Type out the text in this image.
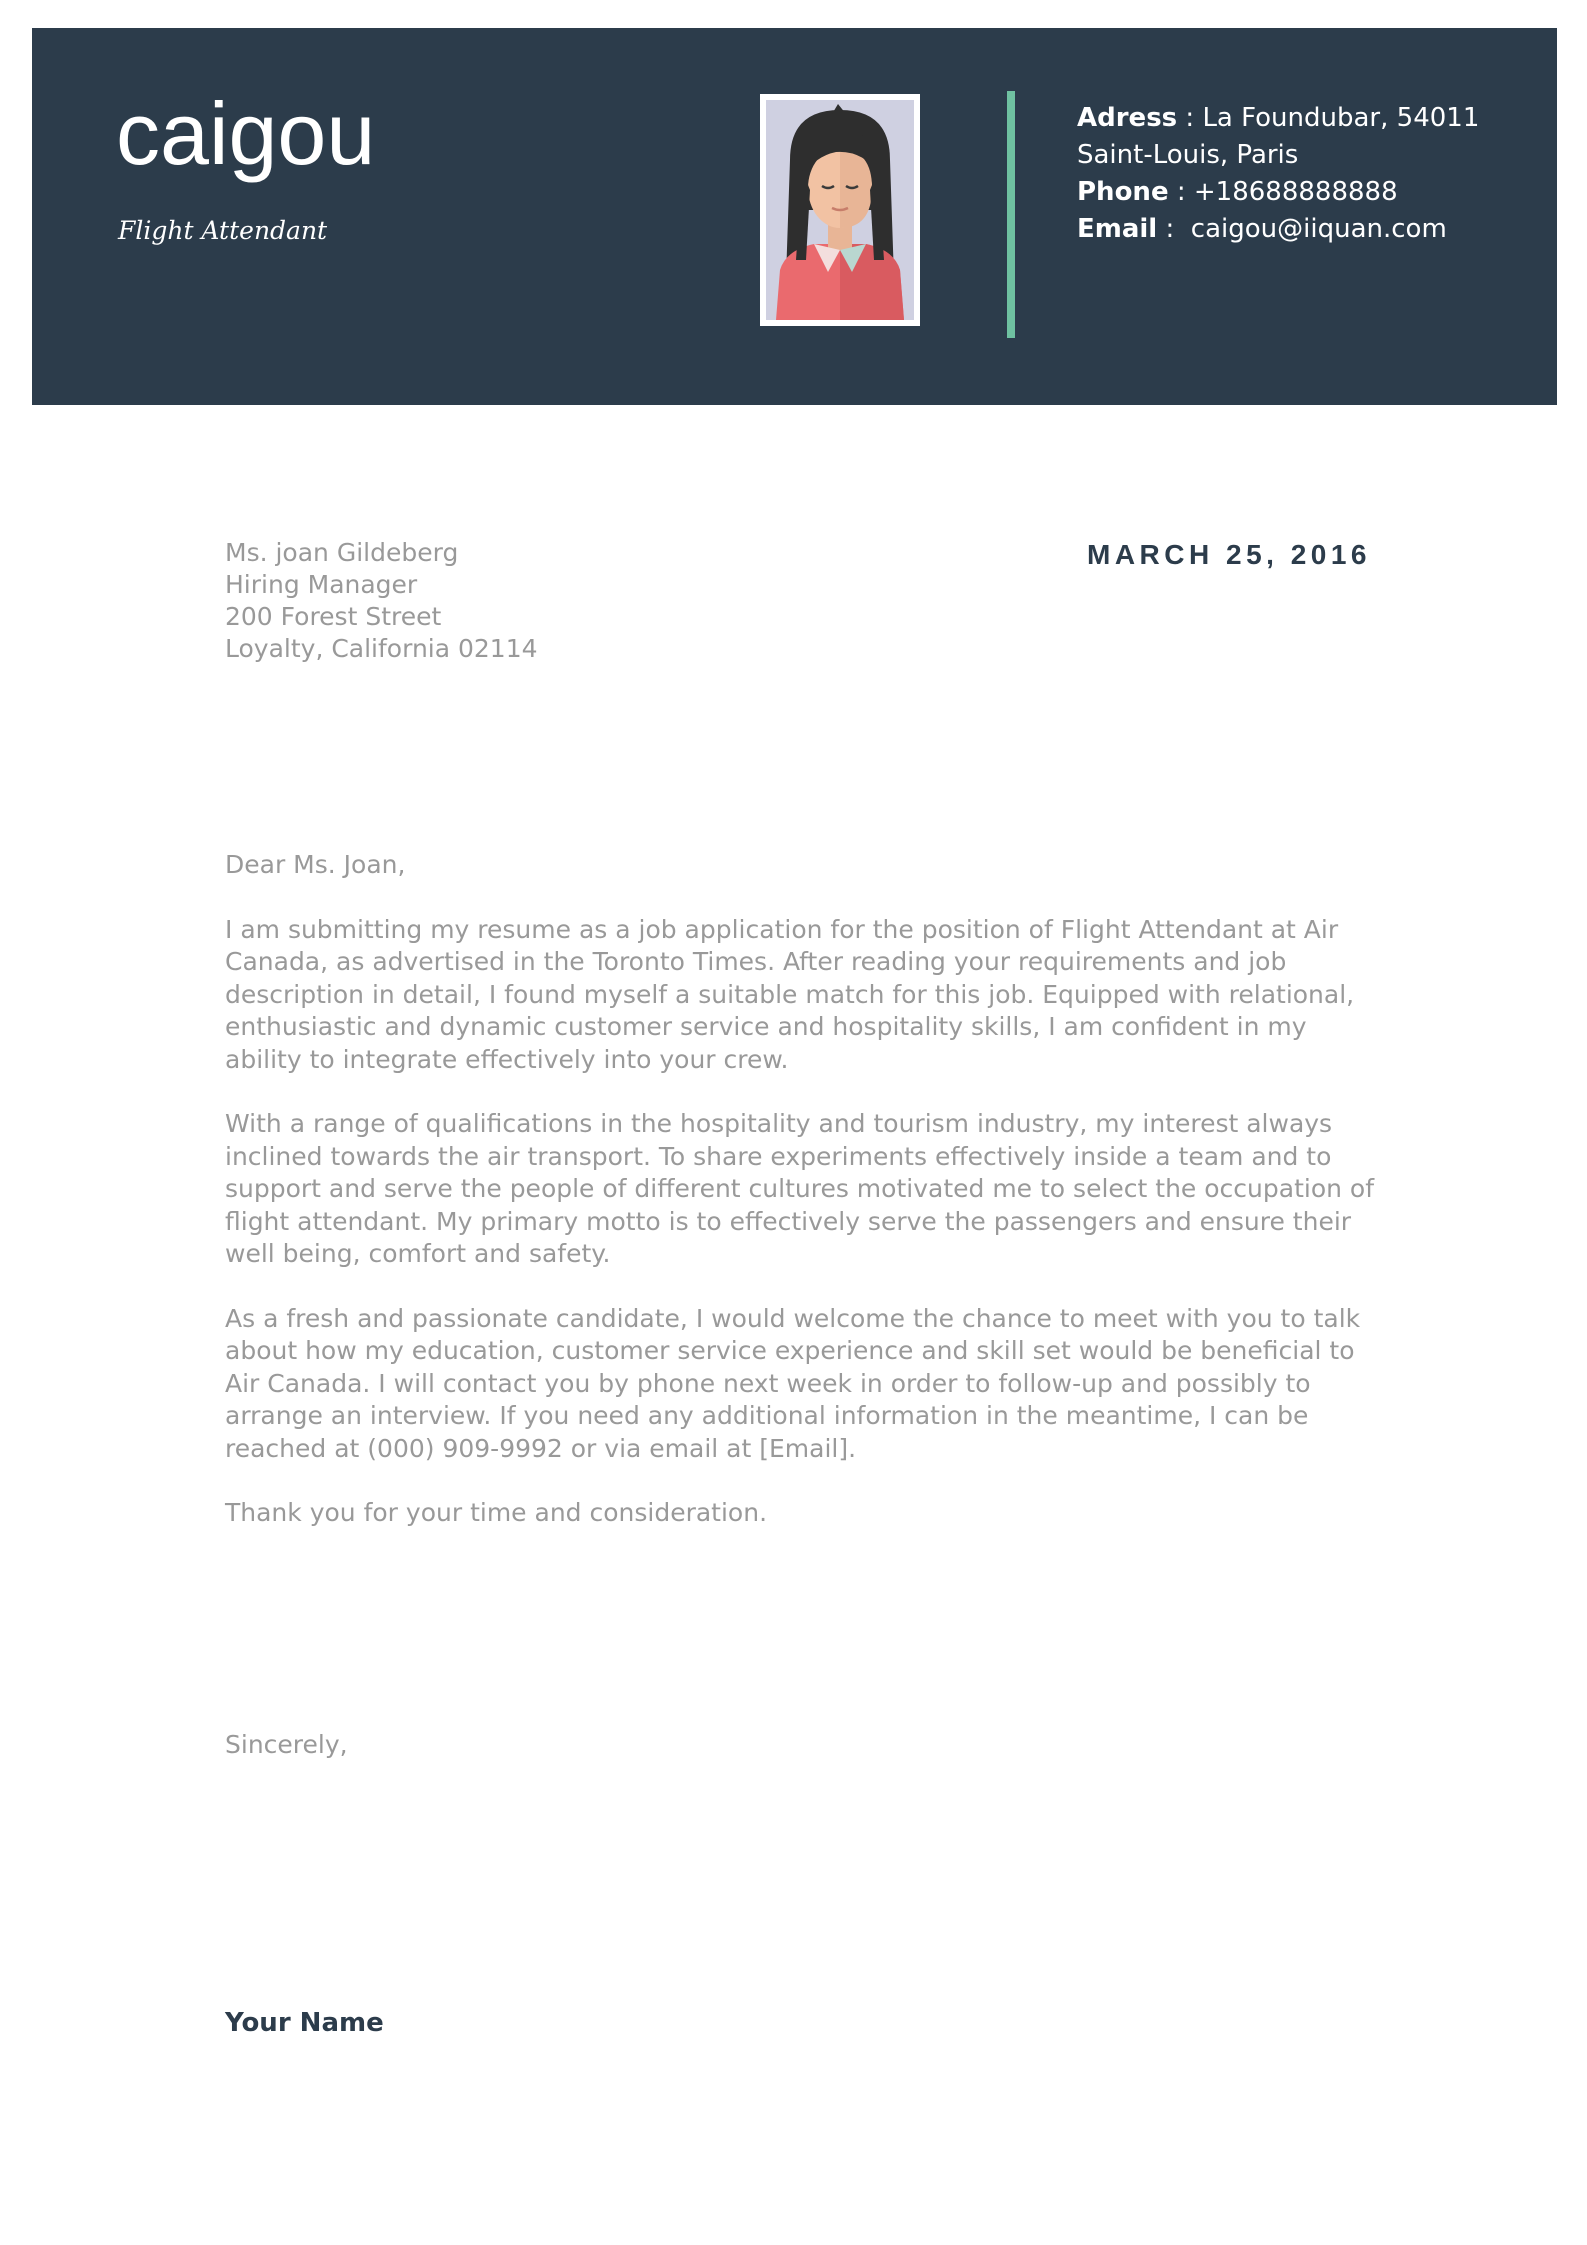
caigou
Flight Attendant
Adress : La Foundubar, 54011
Saint-Louis, Paris
Phone : +18688888888
Email :  caigou@iiquan.com
Ms. joan Gildeberg
Hiring Manager
200 Forest Street
Loyalty, California 02114
MARCH 25, 2016

Dear Ms. Joan,

I am submitting my resume as a job application for the position of Flight Attendant at Air Canada, as advertised in the Toronto Times. After reading your requirements and job description in detail, I found myself a suitable match for this job. Equipped with relational, enthusiastic and dynamic customer service and hospitality skills, I am confident in my ability to integrate effectively into your crew.

With a range of qualifications in the hospitality and tourism industry, my interest always inclined towards the air transport. To share experiments effectively inside a team and to support and serve the people of different cultures motivated me to select the occupation of flight attendant. My primary motto is to effectively serve the passengers and ensure their well being, comfort and safety.

As a fresh and passionate candidate, I would welcome the chance to meet with you to talk about how my education, customer service experience and skill set would be beneficial to Air Canada. I will contact you by phone next week in order to follow-up and possibly to arrange an interview. If you need any additional information in the meantime, I can be reached at (000) 909-9992 or via email at [Email].

Thank you for your time and consideration.

Sincerely,
Your Name
